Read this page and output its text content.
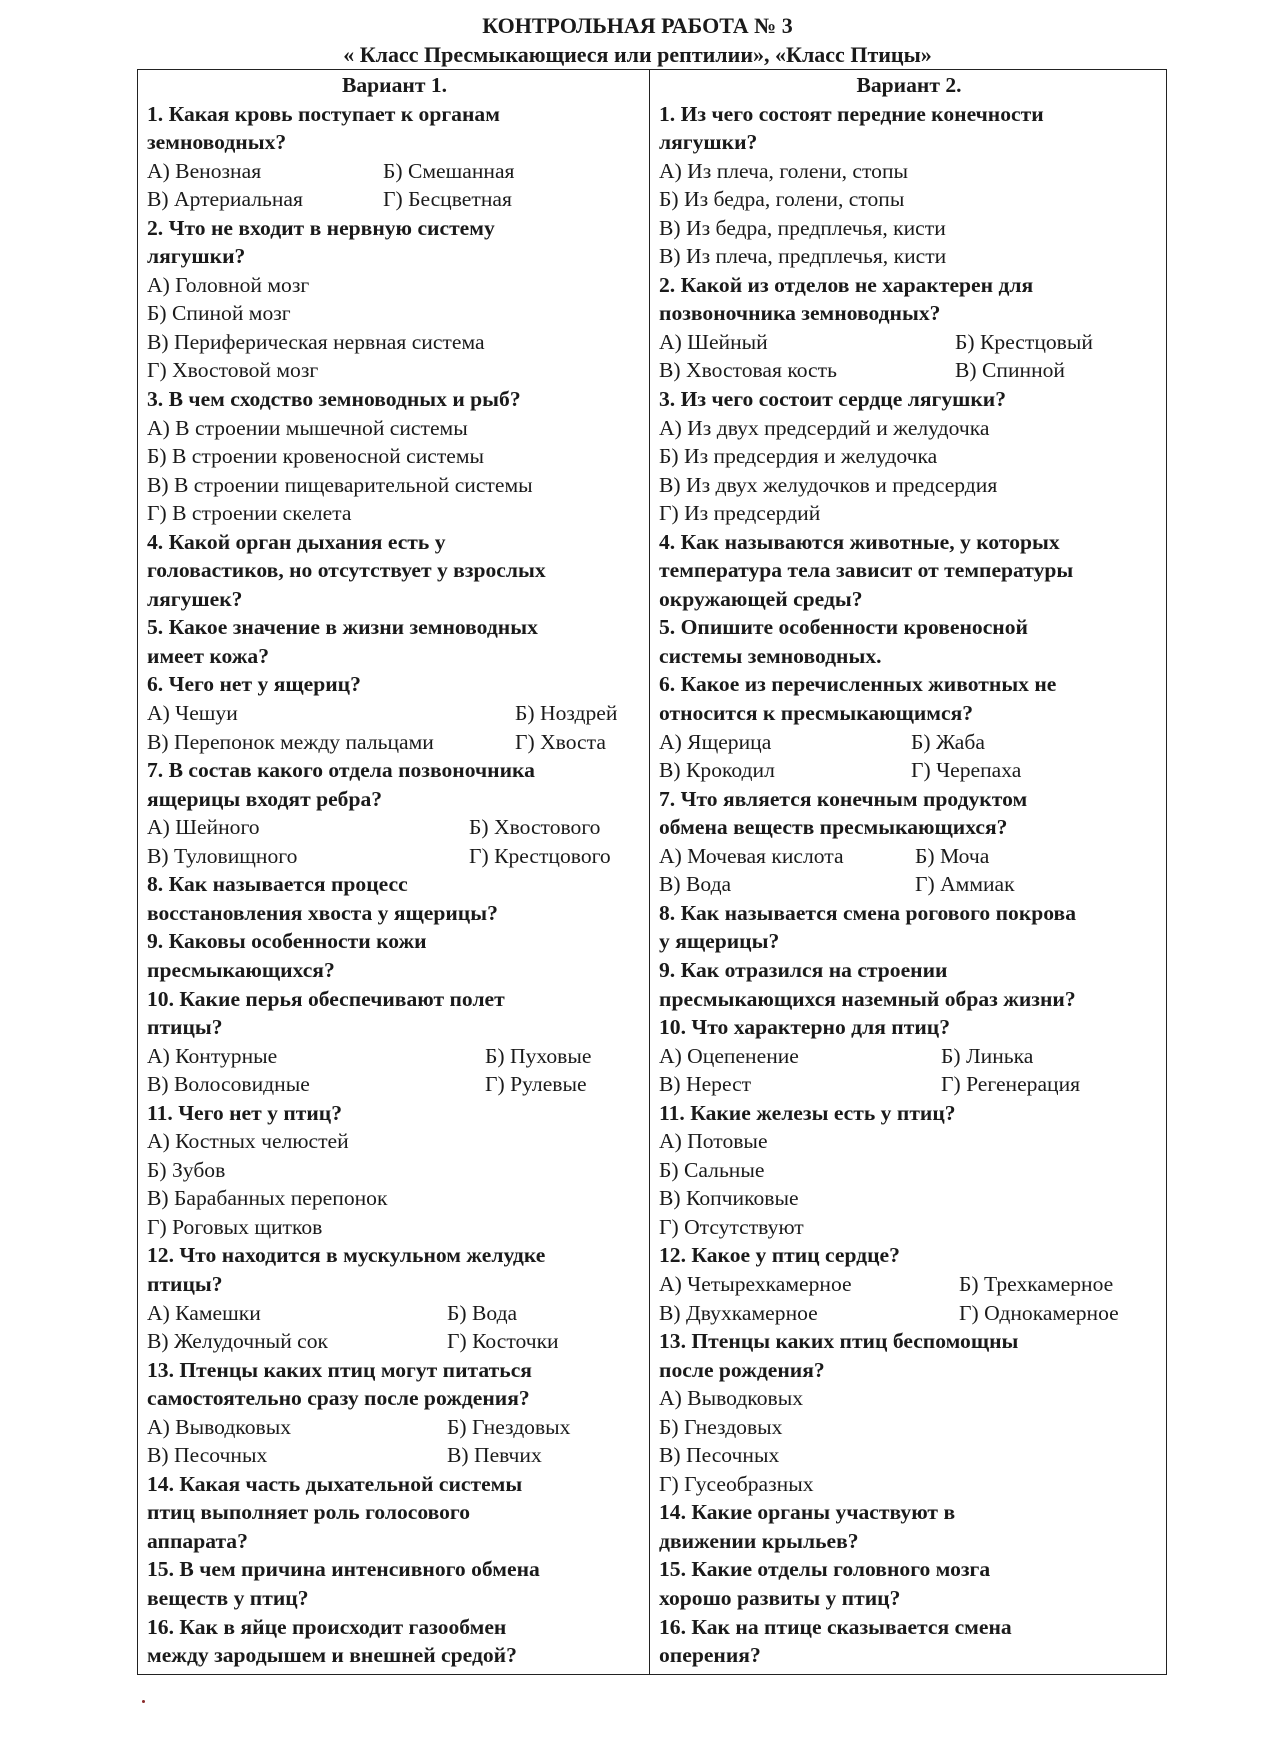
КОНТРОЛЬНАЯ РАБОТА № 3
« Класс Пресмыкающиеся или рептилии», «Класс Птицы»
Вариант 1.
1. Какая кровь поступает к органам
земноводных?
А) Венозная	Б) Смешанная
В) Артериальная	Г) Бесцветная
2. Что не входит в нервную систему
лягушки?
А) Головной мозг
Б) Спиной мозг
В) Периферическая нервная система
Г) Хвостовой мозг
3. В чем сходство земноводных и рыб?
А) В строении мышечной системы
Б) В строении кровеносной системы
В) В строении пищеварительной системы
Г) В строении скелета
4. Какой орган дыхания есть у
головастиков, но отсутствует у взрослых
лягушек?
5. Какое значение в жизни земноводных
имеет кожа?
6. Чего нет у ящериц?
А) Чешуи	Б) Ноздрей
В) Перепонок между пальцами	Г) Хвоста
7. В состав какого отдела позвоночника
ящерицы входят ребра?
А) Шейного	Б) Хвостового
В) Туловищного	Г) Крестцового
8. Как называется процесс
восстановления хвоста у ящерицы?
9. Каковы особенности кожи
пресмыкающихся?
10. Какие перья обеспечивают полет
птицы?
А) Контурные	Б) Пуховые
В) Волосовидные	Г) Рулевые
11. Чего нет у птиц?
А) Костных челюстей
Б) Зубов
В) Барабанных перепонок
Г) Роговых щитков
12. Что находится в мускульном желудке
птицы?
А) Камешки	Б) Вода
В) Желудочный сок	Г) Косточки
13. Птенцы каких птиц могут питаться
самостоятельно сразу после рождения?
А) Выводковых	Б) Гнездовых
В) Песочных	В) Певчих
14. Какая часть дыхательной системы
птиц выполняет роль голосового
аппарата?
15. В чем причина интенсивного обмена
веществ у птиц?
16. Как в яйце происходит газообмен
между зародышем и внешней средой?
Вариант 2.
1. Из чего состоят передние конечности
лягушки?
А) Из плеча, голени, стопы
Б) Из бедра, голени, стопы
В) Из бедра, предплечья, кисти
В) Из плеча, предплечья, кисти
2. Какой из отделов не характерен для
позвоночника земноводных?
А) Шейный	Б) Крестцовый
В) Хвостовая кость	В) Спинной
3. Из чего состоит сердце лягушки?
А) Из двух предсердий и желудочка
Б) Из предсердия и желудочка
В) Из двух желудочков и предсердия
Г) Из предсердий
4. Как называются животные, у которых
температура тела зависит от температуры
окружающей среды?
5. Опишите особенности кровеносной
системы земноводных.
6. Какое из перечисленных животных не
относится к пресмыкающимся?
А) Ящерица	Б) Жаба
В) Крокодил	Г) Черепаха
7. Что является конечным продуктом
обмена веществ пресмыкающихся?
А) Мочевая кислота	Б) Моча
В) Вода	Г) Аммиак
8. Как называется смена рогового покрова
у ящерицы?
9. Как отразился на строении
пресмыкающихся наземный образ жизни?
10. Что характерно для птиц?
А) Оцепенение	Б) Линька
В) Нерест	Г) Регенерация
11. Какие железы есть у птиц?
А) Потовые
Б) Сальные
В) Копчиковые
Г) Отсутствуют
12. Какое у птиц сердце?
А) Четырехкамерное	Б) Трехкамерное
В) Двухкамерное	Г) Однокамерное
13. Птенцы каких птиц беспомощны
после рождения?
А) Выводковых
Б) Гнездовых
В) Песочных
Г) Гусеобразных
14. Какие органы участвуют в
движении крыльев?
15. Какие отделы головного мозга
хорошо развиты у птиц?
16. Как на птице сказывается смена
оперения?
